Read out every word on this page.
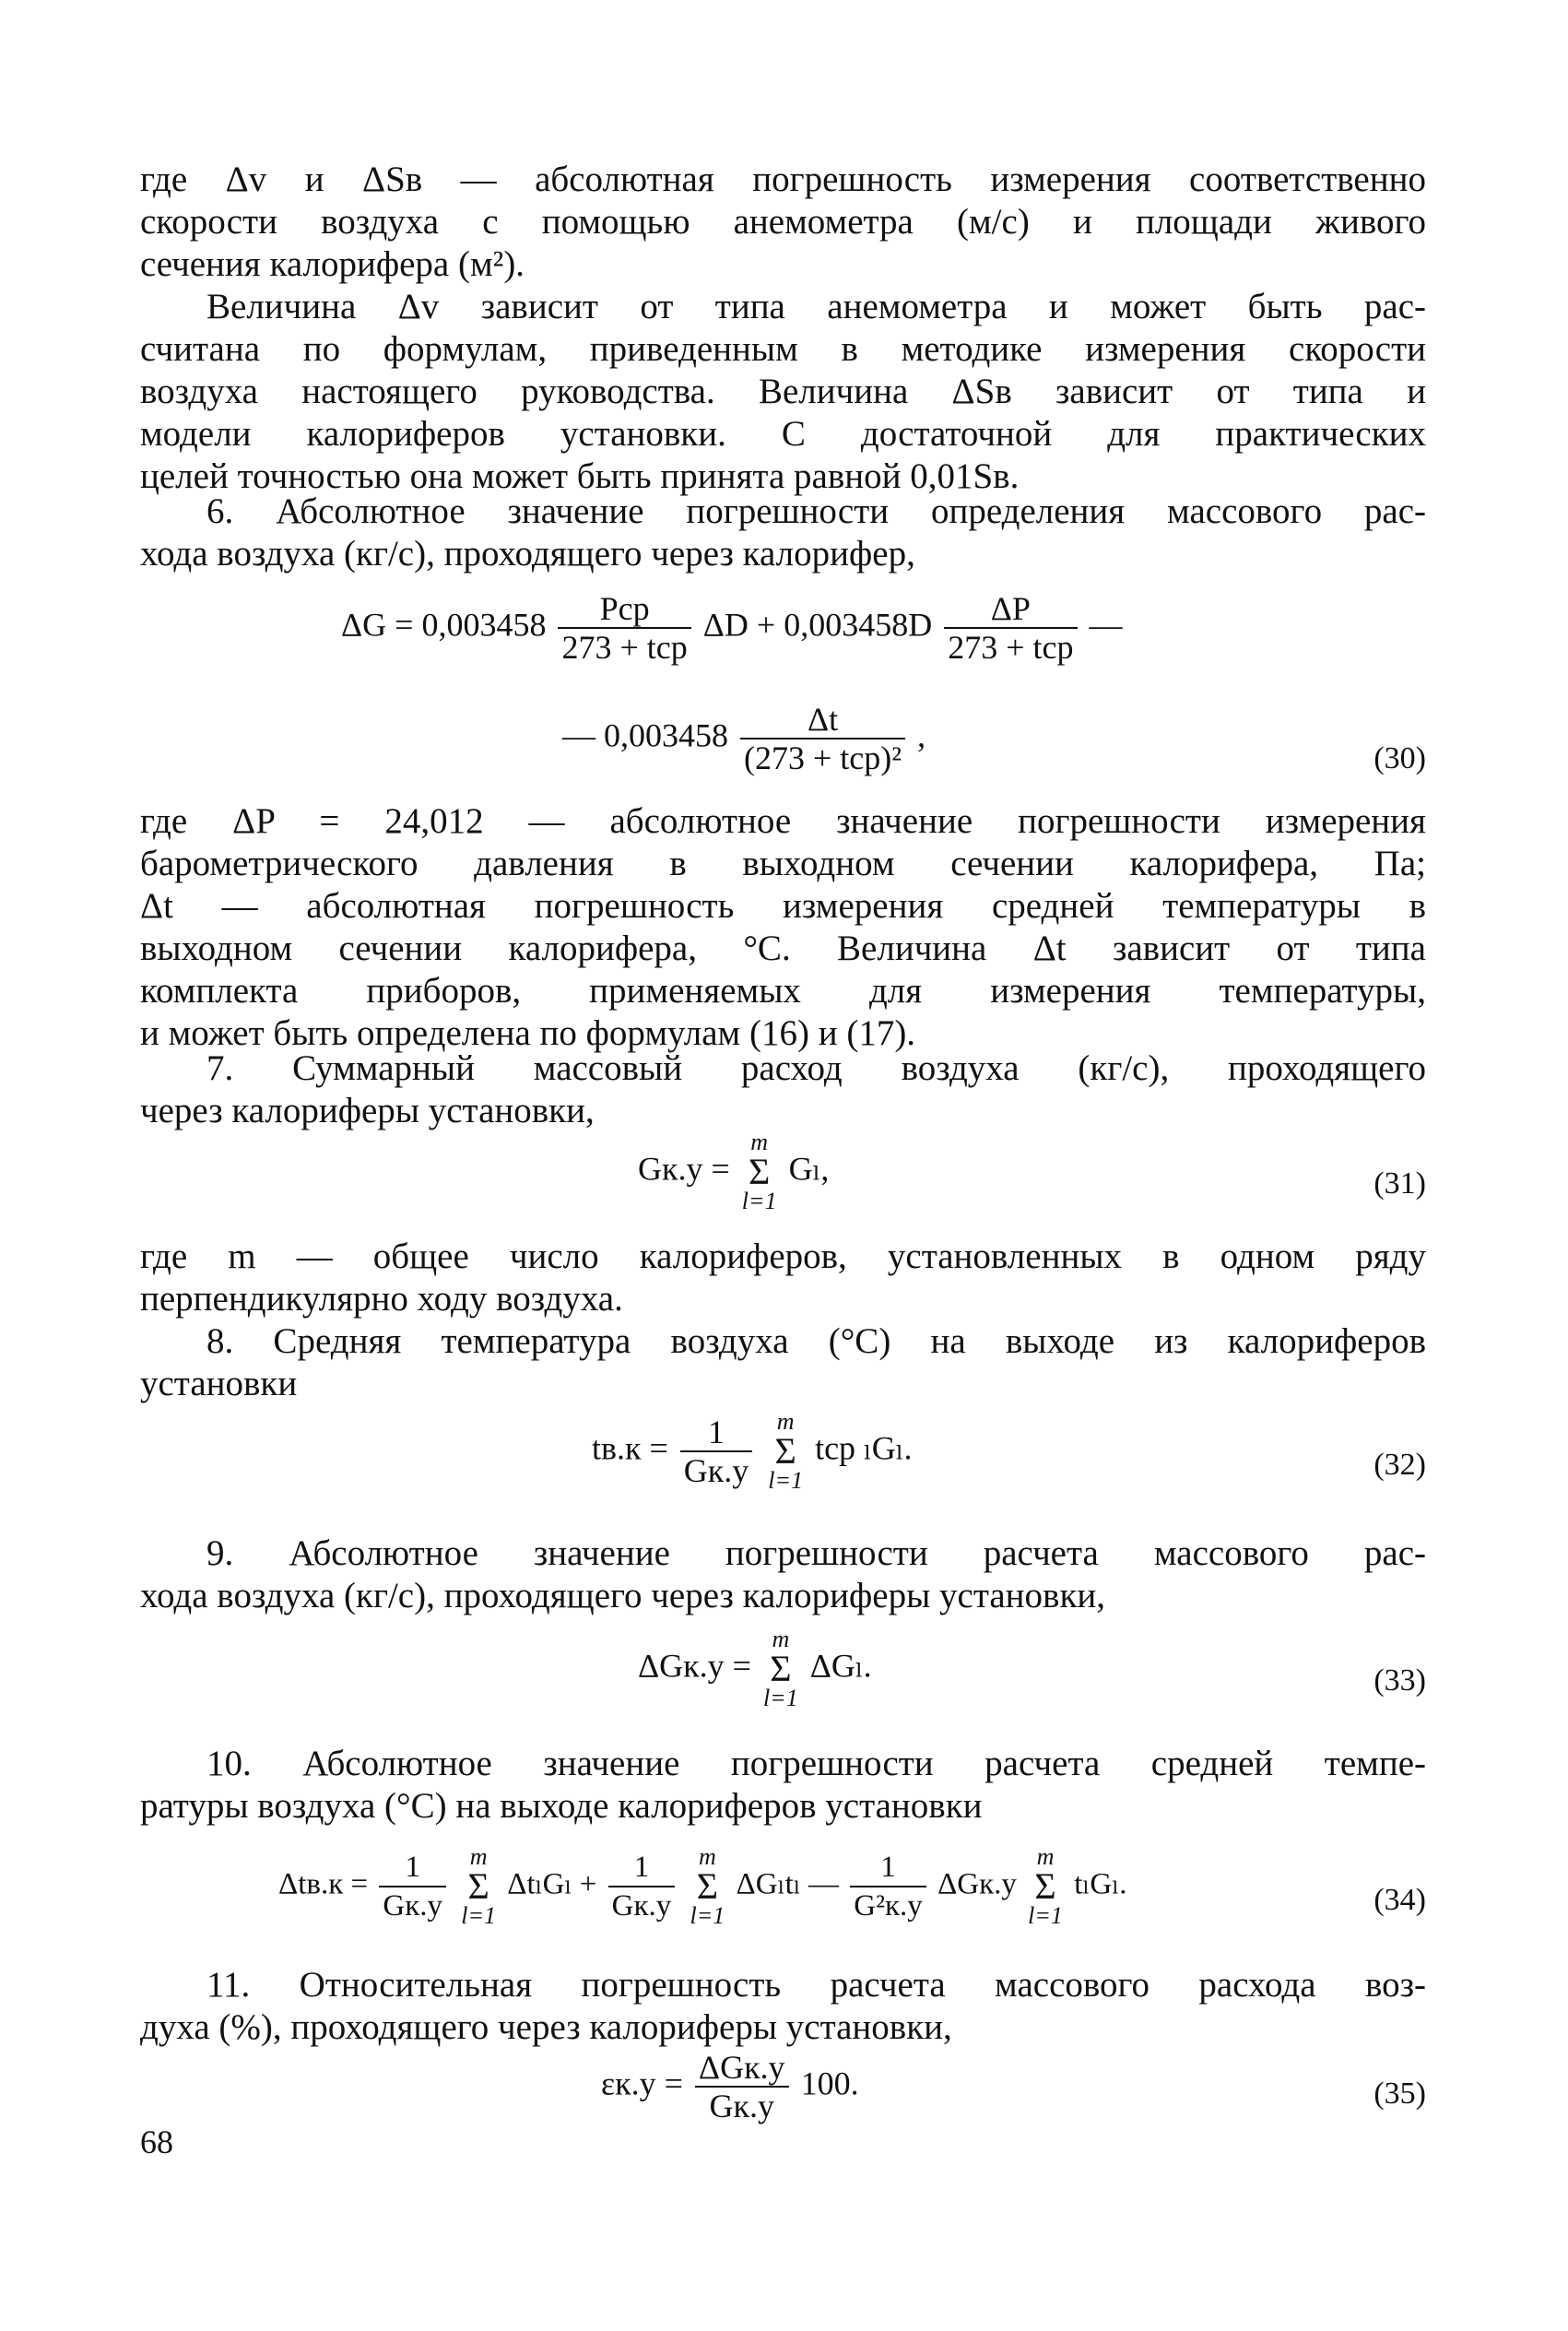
где Δv и ΔSв — абсолютная погрешность измерения соответственно
скорости воздуха с помощью анемометра (м/с) и площади живого
сечения калорифера (м²).
Величина Δv зависит от типа анемометра и может быть рас-
считана по формулам, приведенным в методике измерения скорости
воздуха настоящего руководства. Величина ΔSв зависит от типа и
модели калориферов установки. С достаточной для практических
целей точностью она может быть принята равной 0,01Sв.
6. Абсолютное значение погрешности определения массового рас-
хода воздуха (кг/с), проходящего через калорифер,
$\Delta G = 0,003458 \frac{\text{Pср}}{\text{273 + tср}}$ $\Delta D + 0,003458D \frac{\Delta P}{\text{273 + tср}}$ —
— $0,003458 \frac{\Delta t}{\text{(273 + tср)²}}$ ,
(30)
где ΔP = 24,012 — абсолютное значение погрешности измерения
барометрического давления в выходном сечении калорифера, Па;
Δt — абсолютная погрешность измерения средней температуры в
выходном сечении калорифера, °С. Величина Δt зависит от типа
комплекта приборов, применяемых для измерения температуры,
и может быть определена по формулам (16) и (17).
7. Суммарный массовый расход воздуха (кг/с), проходящего
через калориферы установки,
Gк.у =
m
Σ
l=1
Gₗ,	(31)
где m — общее число калориферов, установленных в одном ряду
перпендикулярно ходу воздуха.
8. Средняя температура воздуха (°С) на выходе из калориферов
установки
$tв.к = \frac{1}{Gк.у}$
	m
Σ
l=1
tср ₗGₗ.	(32)
9. Абсолютное значение погрешности расчета массового рас-
хода воздуха (кг/с), проходящего через калориферы установки,
ΔGк.у =
m
Σ
l=1
ΔGₗ.	(33)
10. Абсолютное значение погрешности расчета средней темпе-
ратуры воздуха (°С) на выходе калориферов установки
$\Delta tв.к = \frac{1}{Gк.у}$
m
Σ
l=1
$\Delta t_lG_l + \frac{1}{Gк.у}$
m
Σ
l=1
ΔGₗtₗ — $\frac{1}{\text{G²к.у}} \Delta Gк.у$
m
Σ
l=1
tₗGₗ.	(34)
11. Относительная погрешность расчета массового расхода воз-
духа (%), проходящего через калориферы установки,
$\varepsilon к.у = \frac{\text{ΔGк.у}}{Gк.у} 100$.	(35)
68
